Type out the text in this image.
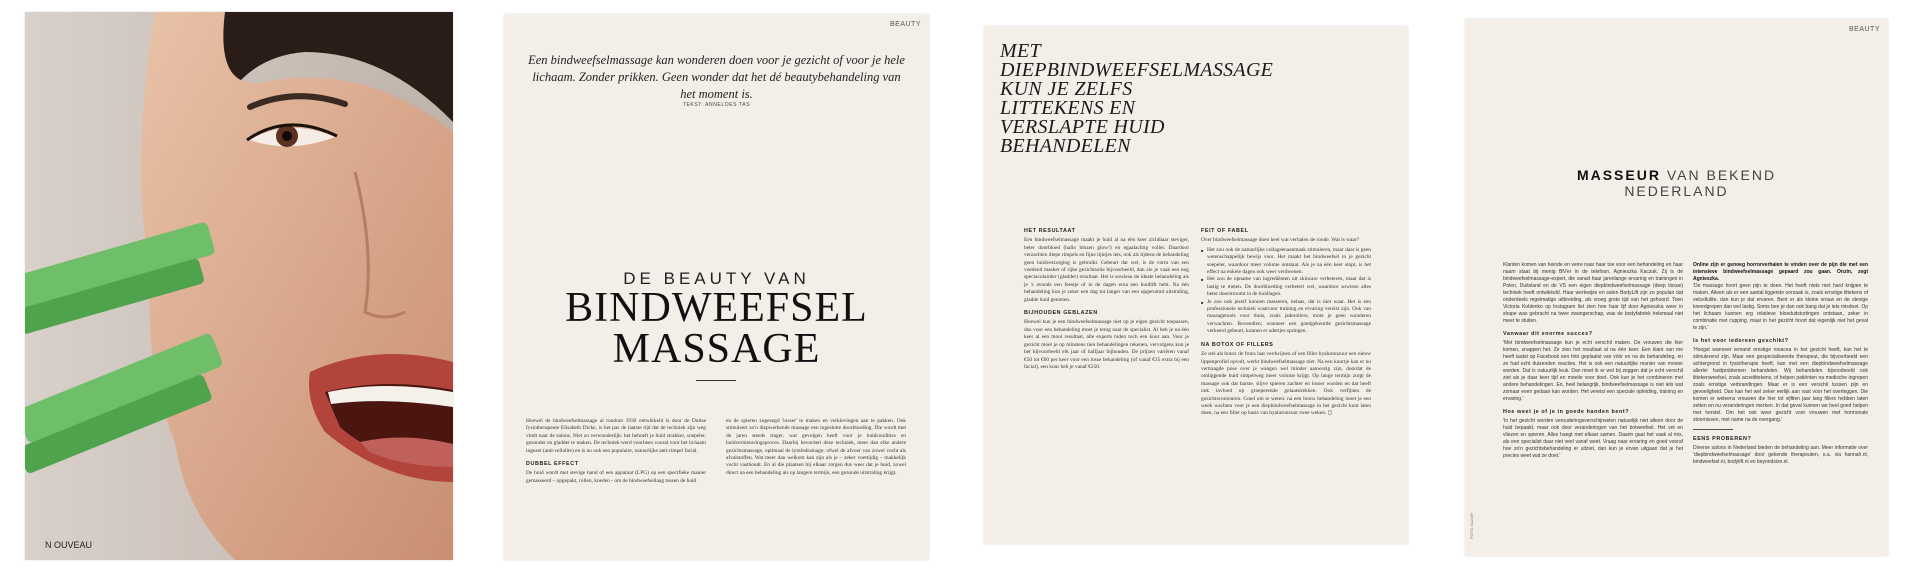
N OUVEAU
BEAUTY
Een bindweefselmassage kan wonderen doen voor je gezicht of voor je hele lichaam. Zonder prikken. Geen wonder dat het dé beautybehandeling van het moment is.
TEKST: ANNELOES TAS
DE BEAUTY VAN
BINDWEEFSEL
MASSAGE

Hoewel de bindweefselmassage al rondom 1930 ontwikkeld is door de Duitse fysiotherapeute Elisabeth Dicke, is het pas de laatste tijd dat de techniek zijn weg vindt naar de salons. Niet zo verwonderlijk: het behoeft je huid strakker, soepeler, gezonder en gladder te maken. De techniek werd voorheen vooral voor het lichaam ingezet (anti-cellulite) en is nu ook een populaire, natuurlijke anti-rimpel facial.

DUBBEL EFFECT

De huid wordt met stevige hand of een apparaat (LPG) op een specifieke manier gemasseerd – opgepakt, rollen, kneden - om de bindweefsellaag tussen de huid

en de spieren zogezegd 'losser' te maken en verklevingen aan te pakken. Ook stimuleert zo'n diepwerkende massage een ingeslotte doorbloeding. Die wordt met de jaren steeds trager, wat gevolgen heeft voor je huidcondities en huidvernieuwingsproces. Daarbij bevordert deze techniek, meer dan elke andere gezichtsmassage, optimaal de lymfedrainage; ofwel de afvoer van zowel vocht als afvalstoffen. Wat meer dan welkom kan zijn als je – zeker voettijdig – makkelijk vocht vasthoudt. En al die plaatsen bij elkaar zorgen dus weer dat je huid, zowel direct na een behandeling als op langere termijn, een gezonde uitstraling krijgt.

MET DIEPBINDWEEFSELMASSAGE KUN JE ZELFS LITTEKENS EN VERSLAPTE HUID BEHANDELEN
HET RESULTAAT

Een bindweefselmassage maakt je huid al na één keer zichtbaar steviger, beter doorbloed (hallo blozen glow!) en egaalachtig voller. Daardoor verzachten diepe rimpels en fijne lijntjes iets, ook als tijdens de behandeling geen huidverzorging is gebruikt. Gebeurt dat wel, is de vorm van een voedend masker of rijke gezichtsolie bijvoorbeeld, dan zie je vaak een nog spectaculairder (gladder) resultaat. Het is sowieso de ideale behandeling als je 's avonds een feestje of in de dagen erna een huidlift hebt. Na één behandeling kun je zeker een dag tot langer van een opgeruimd uitstraling, gladde huid genieten.

BIJHOUDEN GEBLAZEN

Hoewel kun je een bindweefselmassage niet op je eigen gezicht toepassen, dus voor een behandeling moet je terug naar de specialist. Al heb je na één keer al een mooi resultaat, alle experts raden toch een kuur aan. Voor je gezicht moet je op minstens tien behandelingen rekenen, vervolgens kun je het bijvoorbeeld elk jaar of halfjaar bijhouden. De prijzen variëren vanaf €50 tot €60 per keer voor een losse behandeling (of vanaf €35 extra bij een facial), een kuur heb je vanaf €250.

FEIT OF FABEL

Over bindweefselmassage doen heel wat verhalen de ronde. Wat is waar?

■ Het zou ook de natuurlijke collageenaanmaak stimuleren, maar daar is geen wetenschappelijk bewijs voor. Het maakt het bindweefsel in je gezicht soepeler, waardoor meer volume ontstaat. Als je na één keer stopt, is het effect na enkele dagen ook weer verdwenen.
■ Het zou de opname van ingrediënten uit skincare verbeteren, maar dat is lastig te meten. De doorbloeding verbetert wel, waardoor sowieso alles beter doorstroomt in de huidlagen.
■ Je zou ook jezelf kunnen masseren, helaas, dat is niet waar. Het is een professionele techniek waarvoor training en ervaring vereist zijn. Ook van massagetools voor thuis, zoals jaderollers, moet je geen wonderen verwachten. Bovendien; wanneer een goedgekeurde gezichtsmassage verkeerd gebeurt, kunnen er adertjes springen.
NA BOTOX OF FILLERS

Ze stel als botox de frons laat verdwijnen of een filler hyaluronzuur een nieuw lippenprofiel opvult, werkt bindweefselmassage niet. Na een kuurtje kan er nu vertraagde pose over je wangen wel minder aanwezig zijn, doordat de omliggende huid simpelweg meer volume krijgt. Op lange termijn zorgt de massage ook dat barste, slijve spieren zachter en losser worden en dat heeft ook invloed op groeperende gelaatstrekken. Ook verfijnen de gezichtscontouren. Goed om te weten: na een botox behandeling moet je een week wachten voor je een diepbindweefselmassage in het gezicht kunt laten doen, na een filler op basis van hyaluronzuur twee weken. ◻

BEAUTY
FOTO: ALAMY
MASSEUR VAN BEKEND
NEDERLAND

Klanten komen van heinde en verre naar haar toe voor een behandeling en haar naam staat bij menig BN'er in de telefoon. Agnieszka Kaczuk. Zij is dé bindweefselmassage-expert, die vanuit haar jarenlange ervaring en trainingen in Polen, Duitsland en de VS een eigen diepbindweefselmassage (deep tissue) techniek heeft ontwikkeld. Haar werkwijze en salon BodyLift zijn zo populair dat onderdeels regelmatige uitbreiding, als vroeg grote tijd van het gehoord. Toen Victoria Koblenko op Instagram liet zien hoe haar lijf door Agnieszka weer in shape was gebracht na twee zwangerschap, was de bodyfabriek helemaal niet meer te stuiten.

Vanwaar dit enorme succes?

'Met bindweefselmassage kun je echt verschil maken. De vrouwen die hier komen, snappen het. Ze zien het resultaat al na één keer. Een klant van me heeft laatst op Facebook een foto geplaatst van vóór en na de behandeling, en ze had echt duizenden reacties. Het is ook een natuurlijke manier van mooier worden. Dat is natuurlijk leuk. Dan moet ik er wel bij zeggen dat je echt verschil ziet als je daar keer tijd en moeite voor doet. Ook kun je het combineren met andere behandelingen. En, heel belangrijk, bindweefselmassage is niet iets wat zomaar even gedaan kan worden. Het vereist een speciale opleiding, training en ervaring.'

Hoe weet je of je in goede handen bent?

'In het gezicht worden verouderingsverschijnselen natuurlijk niet alleen door de huid bepaald, maar ook door veranderingen van het botweefsel. Het vet en vliezen en spieren. Alles hangt met elkaar samen. Daarin gaat het vaak al mis, als een specialist daar niet veel vanaf weet. Vraag naar ervaring en goed vooraf hoe zo'n gezichtsbehandeling er uitziet, dan kun je ervan uitgaan dat je het precies weet wat ze doet.'

Online zijn er genoeg horrorverhalen te vinden over de pijn die met een intensieve bindweefselmassage gepaard zou gaan. Onzin, zegt Agnieszka.

'De massage hoort geen pijn te doen. Het heeft niets met hard knijpen te maken. Alleen als er een aantal liggende oorzaak is, zoals ernstige littekens of vetcellulite, dan kun je dat ervaren. Bent er als kleine vrouw en de stevige kneedgrepen dan wel lastig. Soms ben je dan ook bang dat je iets misdoet. Op het lichaam kunnen erg relatieve bloeduitstortingen ontstaan, zeker in combinatie met cupping, maar in het gezicht hoort dat eigenlijk niet het geval te zijn.'

Is het voor iedereen geschikt?

'Hoogst wanneer iemand ernstige rosacea in het gezicht heeft, kan het te stimulerend zijn. Maar een gespecialiseerde therapeut, die bijvoorbeeld een achtergrond in fysiotherapie heeft, kan met een diepbindweefselmassage allerlei huidproblemen behandelen. Wij behandelen bijvoorbeeld ook littekenweefsel, zoals acnelittekens, of helpen patiënten na medische ingrepen zoals ernstige verbrandingen. Maar er is een verschil tussen pijn en gevoeligheid. Dan kan het wel zeker eerlijk aan vast voor het overleggen. Die komen er weleens vrouwen die hier tot vijftien jaar lang fillers hebben laten zetten en nu veranderingen merken. In dat geval kunnen we heel goed helpen met herstel. Om het ook weer gezicht voor vrouwen met hormonale stoornissen, met name na de overgang.'

EENS PROBEREN?

Diverse salons in Nederland bieden de behandeling aan. Meer informatie over 'diepbindweefselmassage' door gekende therapeuten, o.a. via hannah.nl, bindweefsel.nl, bodylift.nl en beyondsize.nl.
